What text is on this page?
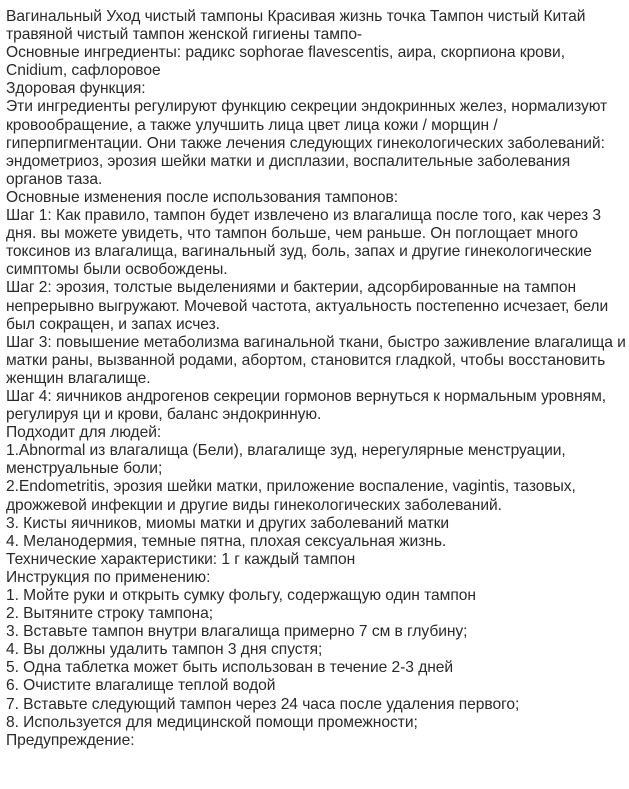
Вагинальный Уход чистый тампоны Красивая жизнь точка Тампон чистый Китай травяной чистый тампон женской гигиены тампо-

Основные ингредиенты: радикс sophorae flavescentis, аира, скорпиона крови, Cnidium, сафлоровое

Здоровая функция:

Эти ингредиенты регулируют функцию секреции эндокринных желез, нормализуют кровообращение, а также улучшить лица цвет лица кожи / морщин / гиперпигментации. Они также лечения следующих гинекологических заболеваний: эндометриоз, эрозия шейки матки и дисплазии, воспалительные заболевания органов таза.

Основные изменения после использования тампонов:

Шаг 1: Как правило, тампон будет извлечено из влагалища после того, как через 3 дня. вы можете увидеть, что тампон больше, чем раньше. Он поглощает много токсинов из влагалища, вагинальный зуд, боль, запах и другие гинекологические симптомы были освобождены.

Шаг 2: эрозия, толстые выделениями и бактерии, адсорбированные на тампон непрерывно выгружают. Мочевой частота, актуальность постепенно исчезает, бели был сокращен, и запах исчез.

Шаг 3: повышение метаболизма вагинальной ткани, быстро заживление влагалища и матки раны, вызванной родами, абортом, становится гладкой, чтобы восстановить женщин влагалище.

Шаг 4: яичников андрогенов секреции гормонов вернуться к нормальным уровням, регулируя ци и крови, баланс эндокринную.

Подходит для людей:

1.Abnormal из влагалища (Бели), влагалище зуд, нерегулярные менструации, менструальные боли;

2.Endometritis, эрозия шейки матки, приложение воспаление, vagintis, тазовых, дрожжевой инфекции и другие виды гинекологических заболеваний.

3. Кисты яичников, миомы матки и других заболеваний матки

4. Меланодермия, темные пятна, плохая сексуальная жизнь.

Технические характеристики: 1 г каждый тампон

Инструкция по применению:

1. Мойте руки и открыть сумку фольгу, содержащую один тампон

2. Вытяните строку тампона;

3. Вставьте тампон внутри влагалища примерно 7 см в глубину;

4. Вы должны удалить тампон 3 дня спустя;

5. Одна таблетка может быть использован в течение 2-3 дней

6. Очистите влагалище теплой водой

7. Вставьте следующий тампон через 24 часа после удаления первого;

8. Используется для медицинской помощи промежности;

Предупреждение:
